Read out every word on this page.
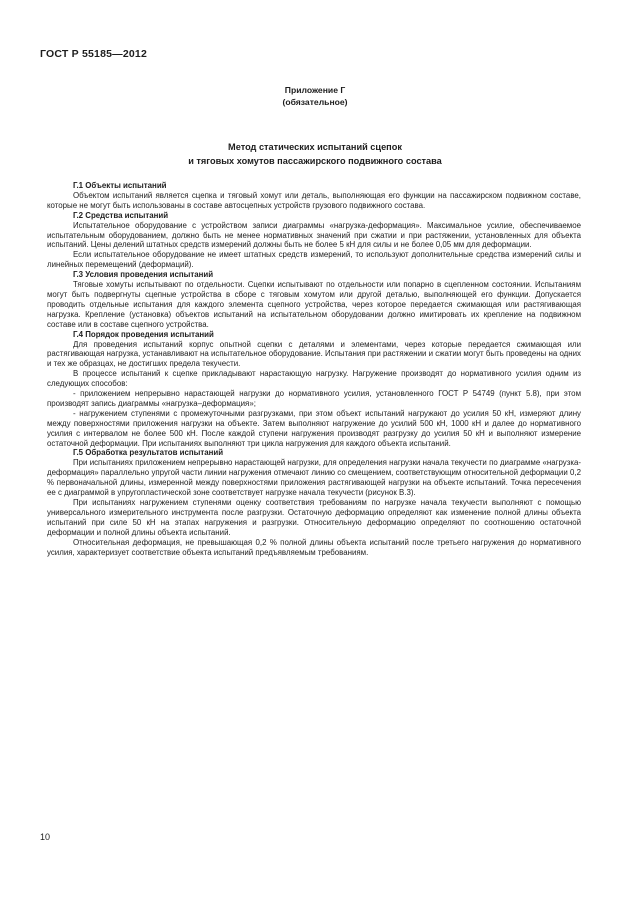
ГОСТ Р 55185—2012
Приложение Г
(обязательное)
Метод статических испытаний сцепок
и тяговых хомутов пассажирского подвижного состава
Г.1 Объекты испытаний

Объектом испытаний является сцепка и тяговый хомут или деталь, выполняющая его функции на пассажирском подвижном составе, которые не могут быть использованы в составе автосцепных устройств грузового подвижного состава.

Г.2 Средства испытаний

Испытательное оборудование с устройством записи диаграммы «нагрузка-деформация». Максимальное усилие, обеспечиваемое испытательным оборудованием, должно быть не менее нормативных значений при сжатии и при растяжении, установленных для объекта испытаний. Цены делений штатных средств измерений должны быть не более 5 кН для силы и не более 0,05 мм для деформации.

Если испытательное оборудование не имеет штатных средств измерений, то используют дополнительные средства измерений силы и линейных перемещений (деформаций).

Г.3 Условия проведения испытаний

Тяговые хомуты испытывают по отдельности. Сцепки испытывают по отдельности или попарно в сцепленном состоянии. Испытаниям могут быть подвергнуты сцепные устройства в сборе с тяговым хомутом или другой деталью, выполняющей его функции. Допускается проводить отдельные испытания для каждого элемента сцепного устройства, через которое передается сжимающая или растягивающая нагрузка. Крепление (установка) объектов испытаний на испытательном оборудовании должно имитировать их крепление на подвижном составе или в составе сцепного устройства.

Г.4 Порядок проведения испытаний

Для проведения испытаний корпус опытной сцепки с деталями и элементами, через которые передается сжимающая или растягивающая нагрузка, устанавливают на испытательное оборудование. Испытания при растяжении и сжатии могут быть проведены на одних и тех же образцах, не достигших предела текучести.

В процессе испытаний к сцепке прикладывают нарастающую нагрузку. Нагружение производят до нормативного усилия одним из следующих способов:

- приложением непрерывно нарастающей нагрузки до нормативного усилия, установленного ГОСТ Р 54749 (пункт 5.8), при этом производят запись диаграммы «нагрузка–деформация»;

- нагружением ступенями с промежуточными разгрузками, при этом объект испытаний нагружают до усилия 50 кН, измеряют длину между поверхностями приложения нагрузки на объекте. Затем выполняют нагружение до усилий 500 кН, 1000 кН и далее до нормативного усилия с интервалом не более 500 кН. После каждой ступени нагружения производят разгрузку до усилия 50 кН и выполняют измерение остаточной деформации. При испытаниях выполняют три цикла нагружения для каждого объекта испытаний.

Г.5 Обработка результатов испытаний

При испытаниях приложением непрерывно нарастающей нагрузки, для определения нагрузки начала текучести по диаграмме «нагрузка-деформация» параллельно упругой части линии нагружения отмечают линию со смещением, соответствующим относительной деформации 0,2 % первоначальной длины, измеренной между поверхностями приложения растягивающей нагрузки на объекте испытаний. Точка пересечения ее с диаграммой в упругопластической зоне соответствует нагрузке начала текучести (рисунок В.3).

При испытаниях нагружением ступенями оценку соответствия требованиям по нагрузке начала текучести выполняют с помощью универсального измерительного инструмента после разгрузки. Остаточную деформацию определяют как изменение полной длины объекта испытаний при силе 50 кН на этапах нагружения и разгрузки. Относительную деформацию определяют по соотношению остаточной деформации и полной длины объекта испытаний.

Относительная деформация, не превышающая 0,2 % полной длины объекта испытаний после третьего нагружения до нормативного усилия, характеризует соответствие объекта испытаний предъявляемым требованиям.

10
